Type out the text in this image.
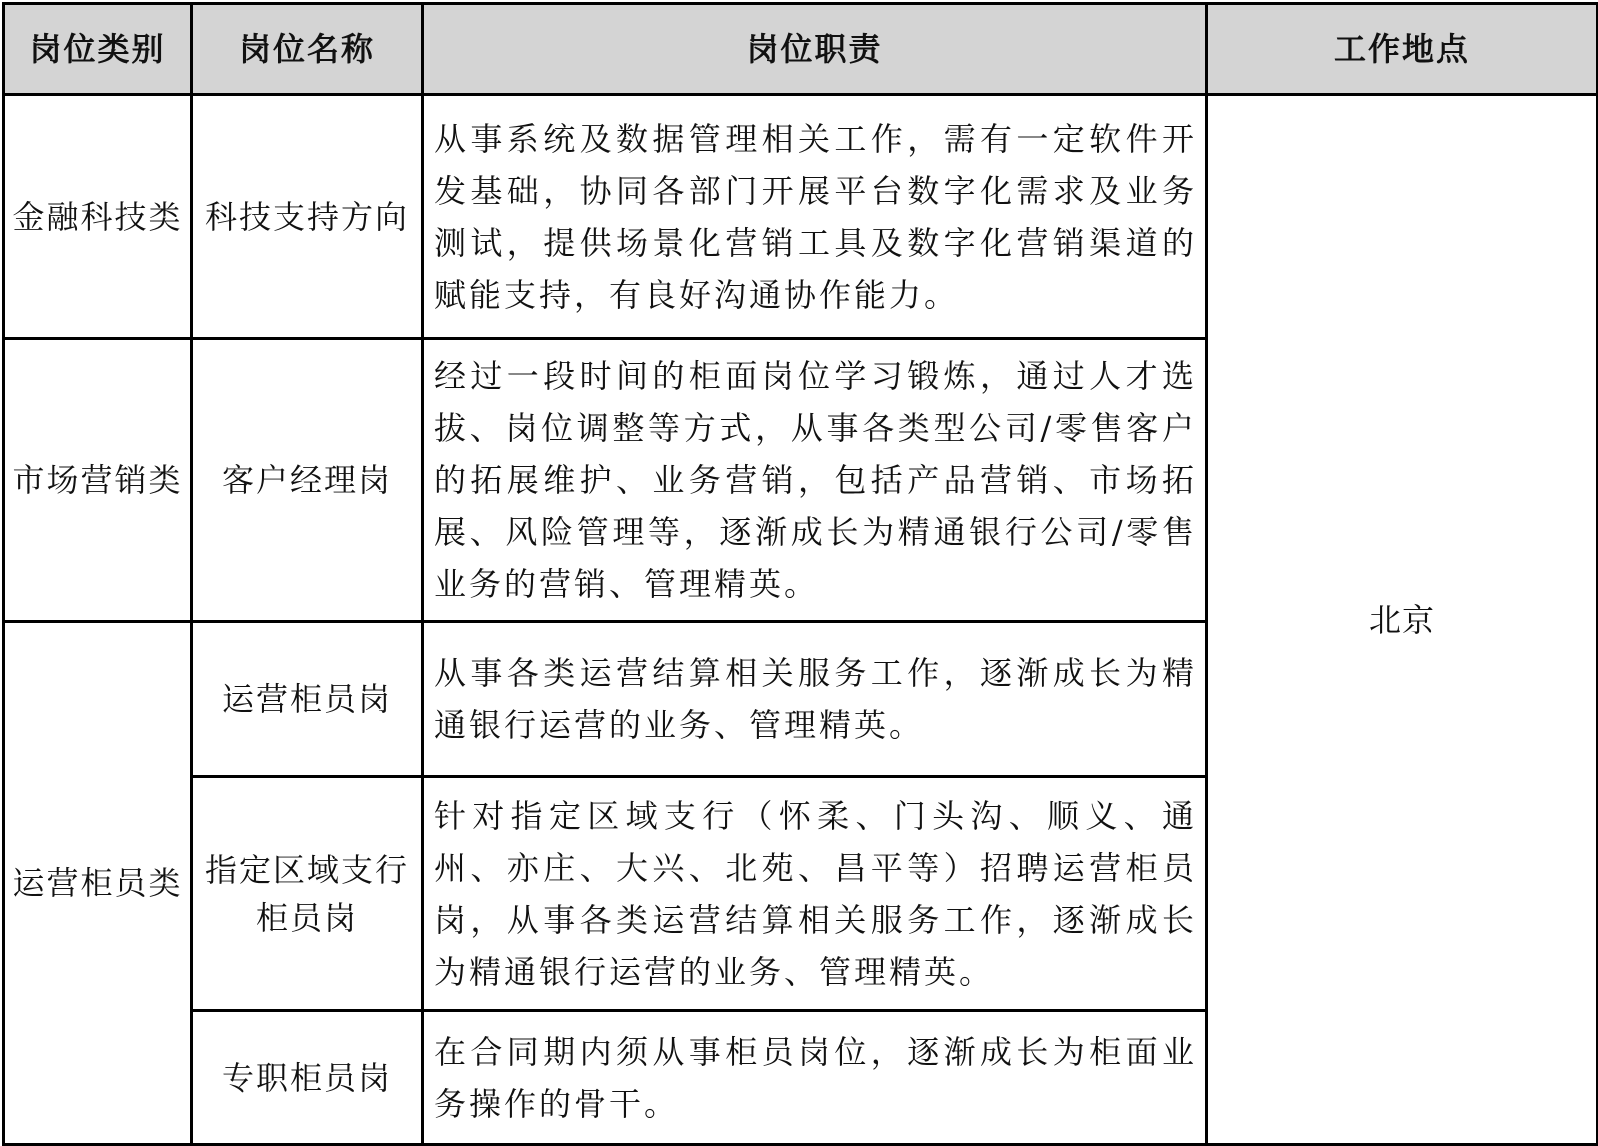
岗位类别	岗位名称	岗位职责	工作地点
金融科技类	科技支持方向	从事系统及数据管理相关工作，需有一定软件开发基础，协同各部门开展平台数字化需求及业务测试，提供场景化营销工具及数字化营销渠道的赋能支持，有良好沟通协作能力。	北京
市场营销类	客户经理岗	经过一段时间的柜面岗位学习锻炼，通过人才选拔、岗位调整等方式，从事各类型公司/零售客户的拓展维护、业务营销，包括产品营销、市场拓展、风险管理等，逐渐成长为精通银行公司/零售业务的营销、管理精英。	
运营柜员类	运营柜员岗	从事各类运营结算相关服务工作，逐渐成长为精通银行运营的业务、管理精英。	
	指定区域支行柜员岗	针对指定区域支行（怀柔、门头沟、顺义、通州、亦庄、大兴、北苑、昌平等）招聘运营柜员岗，从事各类运营结算相关服务工作，逐渐成长为精通银行运营的业务、管理精英。	
	专职柜员岗	在合同期内须从事柜员岗位，逐渐成长为柜面业务操作的骨干。	
